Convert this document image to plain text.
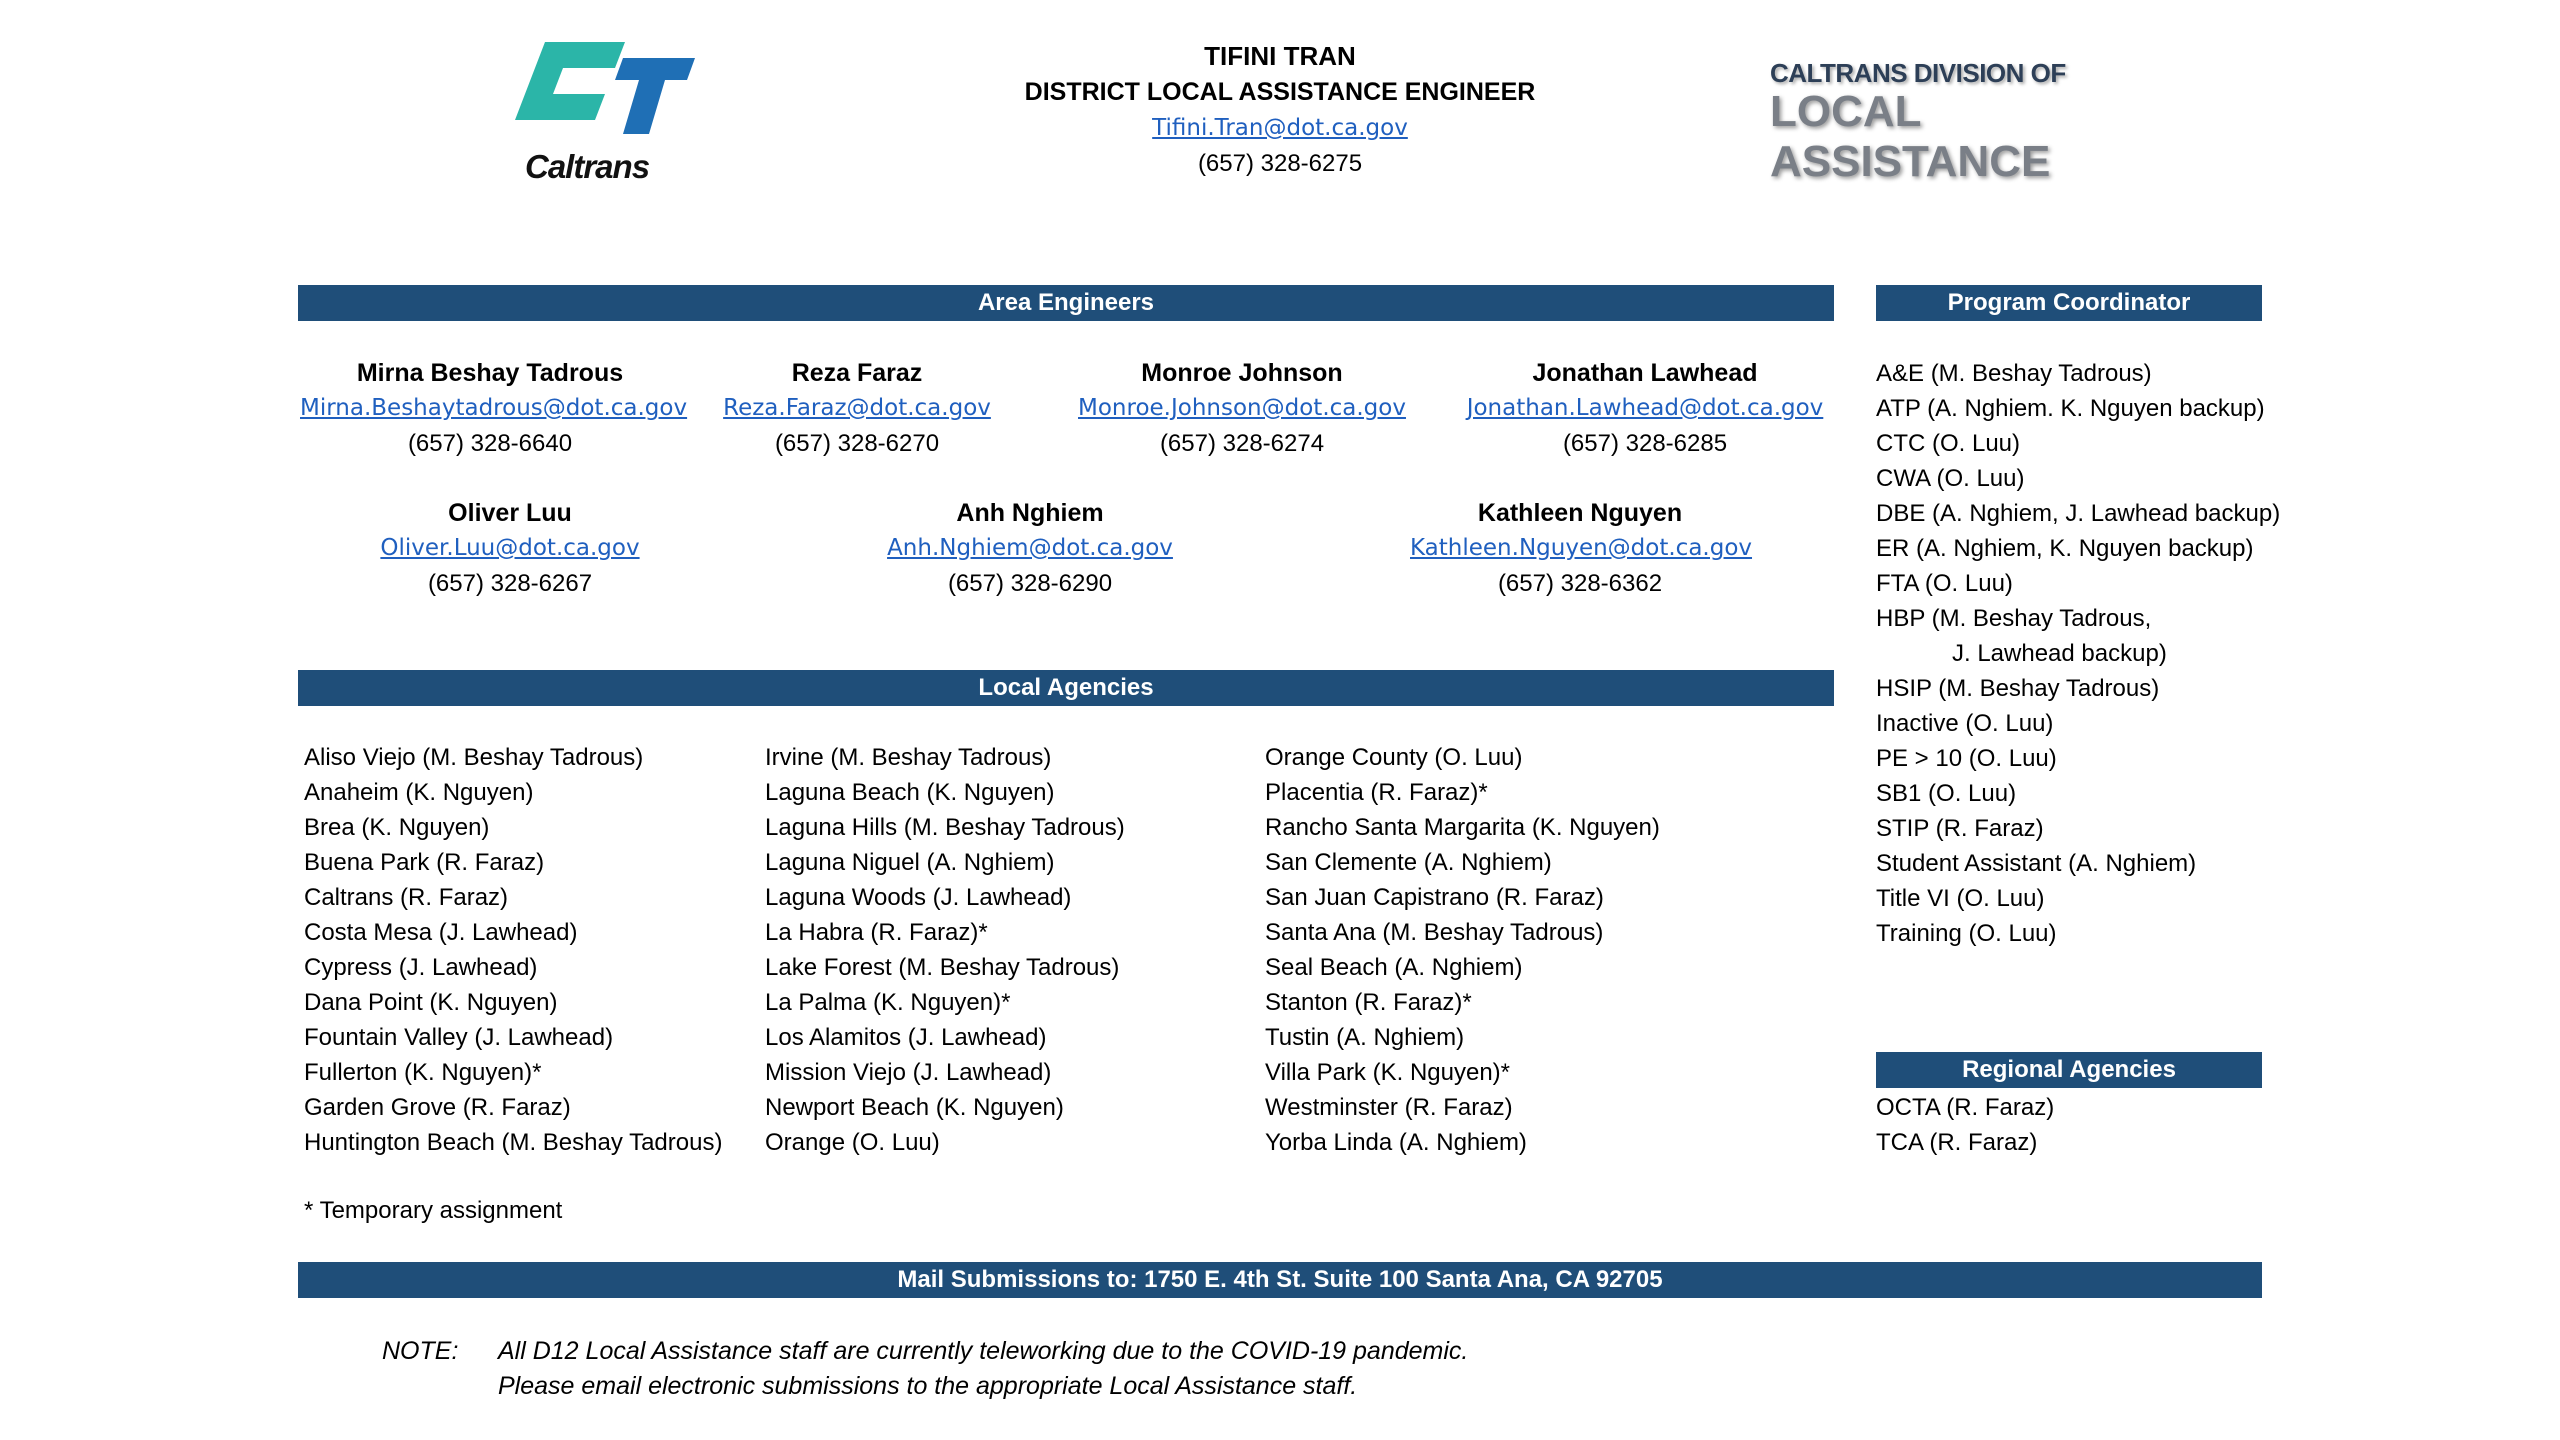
Caltrans
TIFINI TRAN
DISTRICT LOCAL ASSISTANCE ENGINEER
Tifini.Tran@dot.ca.gov
(657) 328-6275
CALTRANS DIVISION OF
LOCAL ASSISTANCE
Area Engineers	Program Coordinator
Mirna Beshay Tadrous
Mirna.Beshaytadrous@dot.ca.gov
(657) 328-6640
Reza Faraz
Reza.Faraz@dot.ca.gov
(657) 328-6270
Monroe Johnson
Monroe.Johnson@dot.ca.gov
(657) 328-6274
Jonathan Lawhead
Jonathan.Lawhead@dot.ca.gov
(657) 328-6285
Oliver Luu
Oliver.Luu@dot.ca.gov
(657) 328-6267
Anh Nghiem
Anh.Nghiem@dot.ca.gov
(657) 328-6290
Kathleen Nguyen
Kathleen.Nguyen@dot.ca.gov
(657) 328-6362
A&E (M. Beshay Tadrous)
ATP (A. Nghiem. K. Nguyen backup)
CTC (O. Luu)
CWA (O. Luu)
DBE (A. Nghiem, J. Lawhead backup)
ER (A. Nghiem, K. Nguyen backup)
FTA (O. Luu)
HBP (M. Beshay Tadrous,
J. Lawhead backup)
HSIP (M. Beshay Tadrous)
Inactive (O. Luu)
PE > 10 (O. Luu)
SB1 (O. Luu)
STIP (R. Faraz)
Student Assistant (A. Nghiem)
Title VI (O. Luu)
Training (O. Luu)
Local Agencies
Aliso Viejo (M. Beshay Tadrous)
Anaheim (K. Nguyen)
Brea (K. Nguyen)
Buena Park (R. Faraz)
Caltrans (R. Faraz)
Costa Mesa (J. Lawhead)
Cypress (J. Lawhead)
Dana Point (K. Nguyen)
Fountain Valley (J. Lawhead)
Fullerton (K. Nguyen)*
Garden Grove (R. Faraz)
Huntington Beach (M. Beshay Tadrous)
Irvine (M. Beshay Tadrous)
Laguna Beach (K. Nguyen)
Laguna Hills (M. Beshay Tadrous)
Laguna Niguel (A. Nghiem)
Laguna Woods (J. Lawhead)
La Habra (R. Faraz)*
Lake Forest (M. Beshay Tadrous)
La Palma (K. Nguyen)*
Los Alamitos (J. Lawhead)
Mission Viejo (J. Lawhead)
Newport Beach (K. Nguyen)
Orange (O. Luu)
Orange County (O. Luu)
Placentia (R. Faraz)*
Rancho Santa Margarita (K. Nguyen)
San Clemente (A. Nghiem)
San Juan Capistrano (R. Faraz)
Santa Ana (M. Beshay Tadrous)
Seal Beach (A. Nghiem)
Stanton (R. Faraz)*
Tustin (A. Nghiem)
Villa Park (K. Nguyen)*
Westminster (R. Faraz)
Yorba Linda (A. Nghiem)
Regional Agencies
OCTA (R. Faraz)
TCA (R. Faraz)
* Temporary assignment
Mail Submissions to: 1750 E. 4th St. Suite 100 Santa Ana, CA 92705
NOTE: All D12 Local Assistance staff are currently teleworking due to the COVID-19 pandemic.
Please email electronic submissions to the appropriate Local Assistance staff.
